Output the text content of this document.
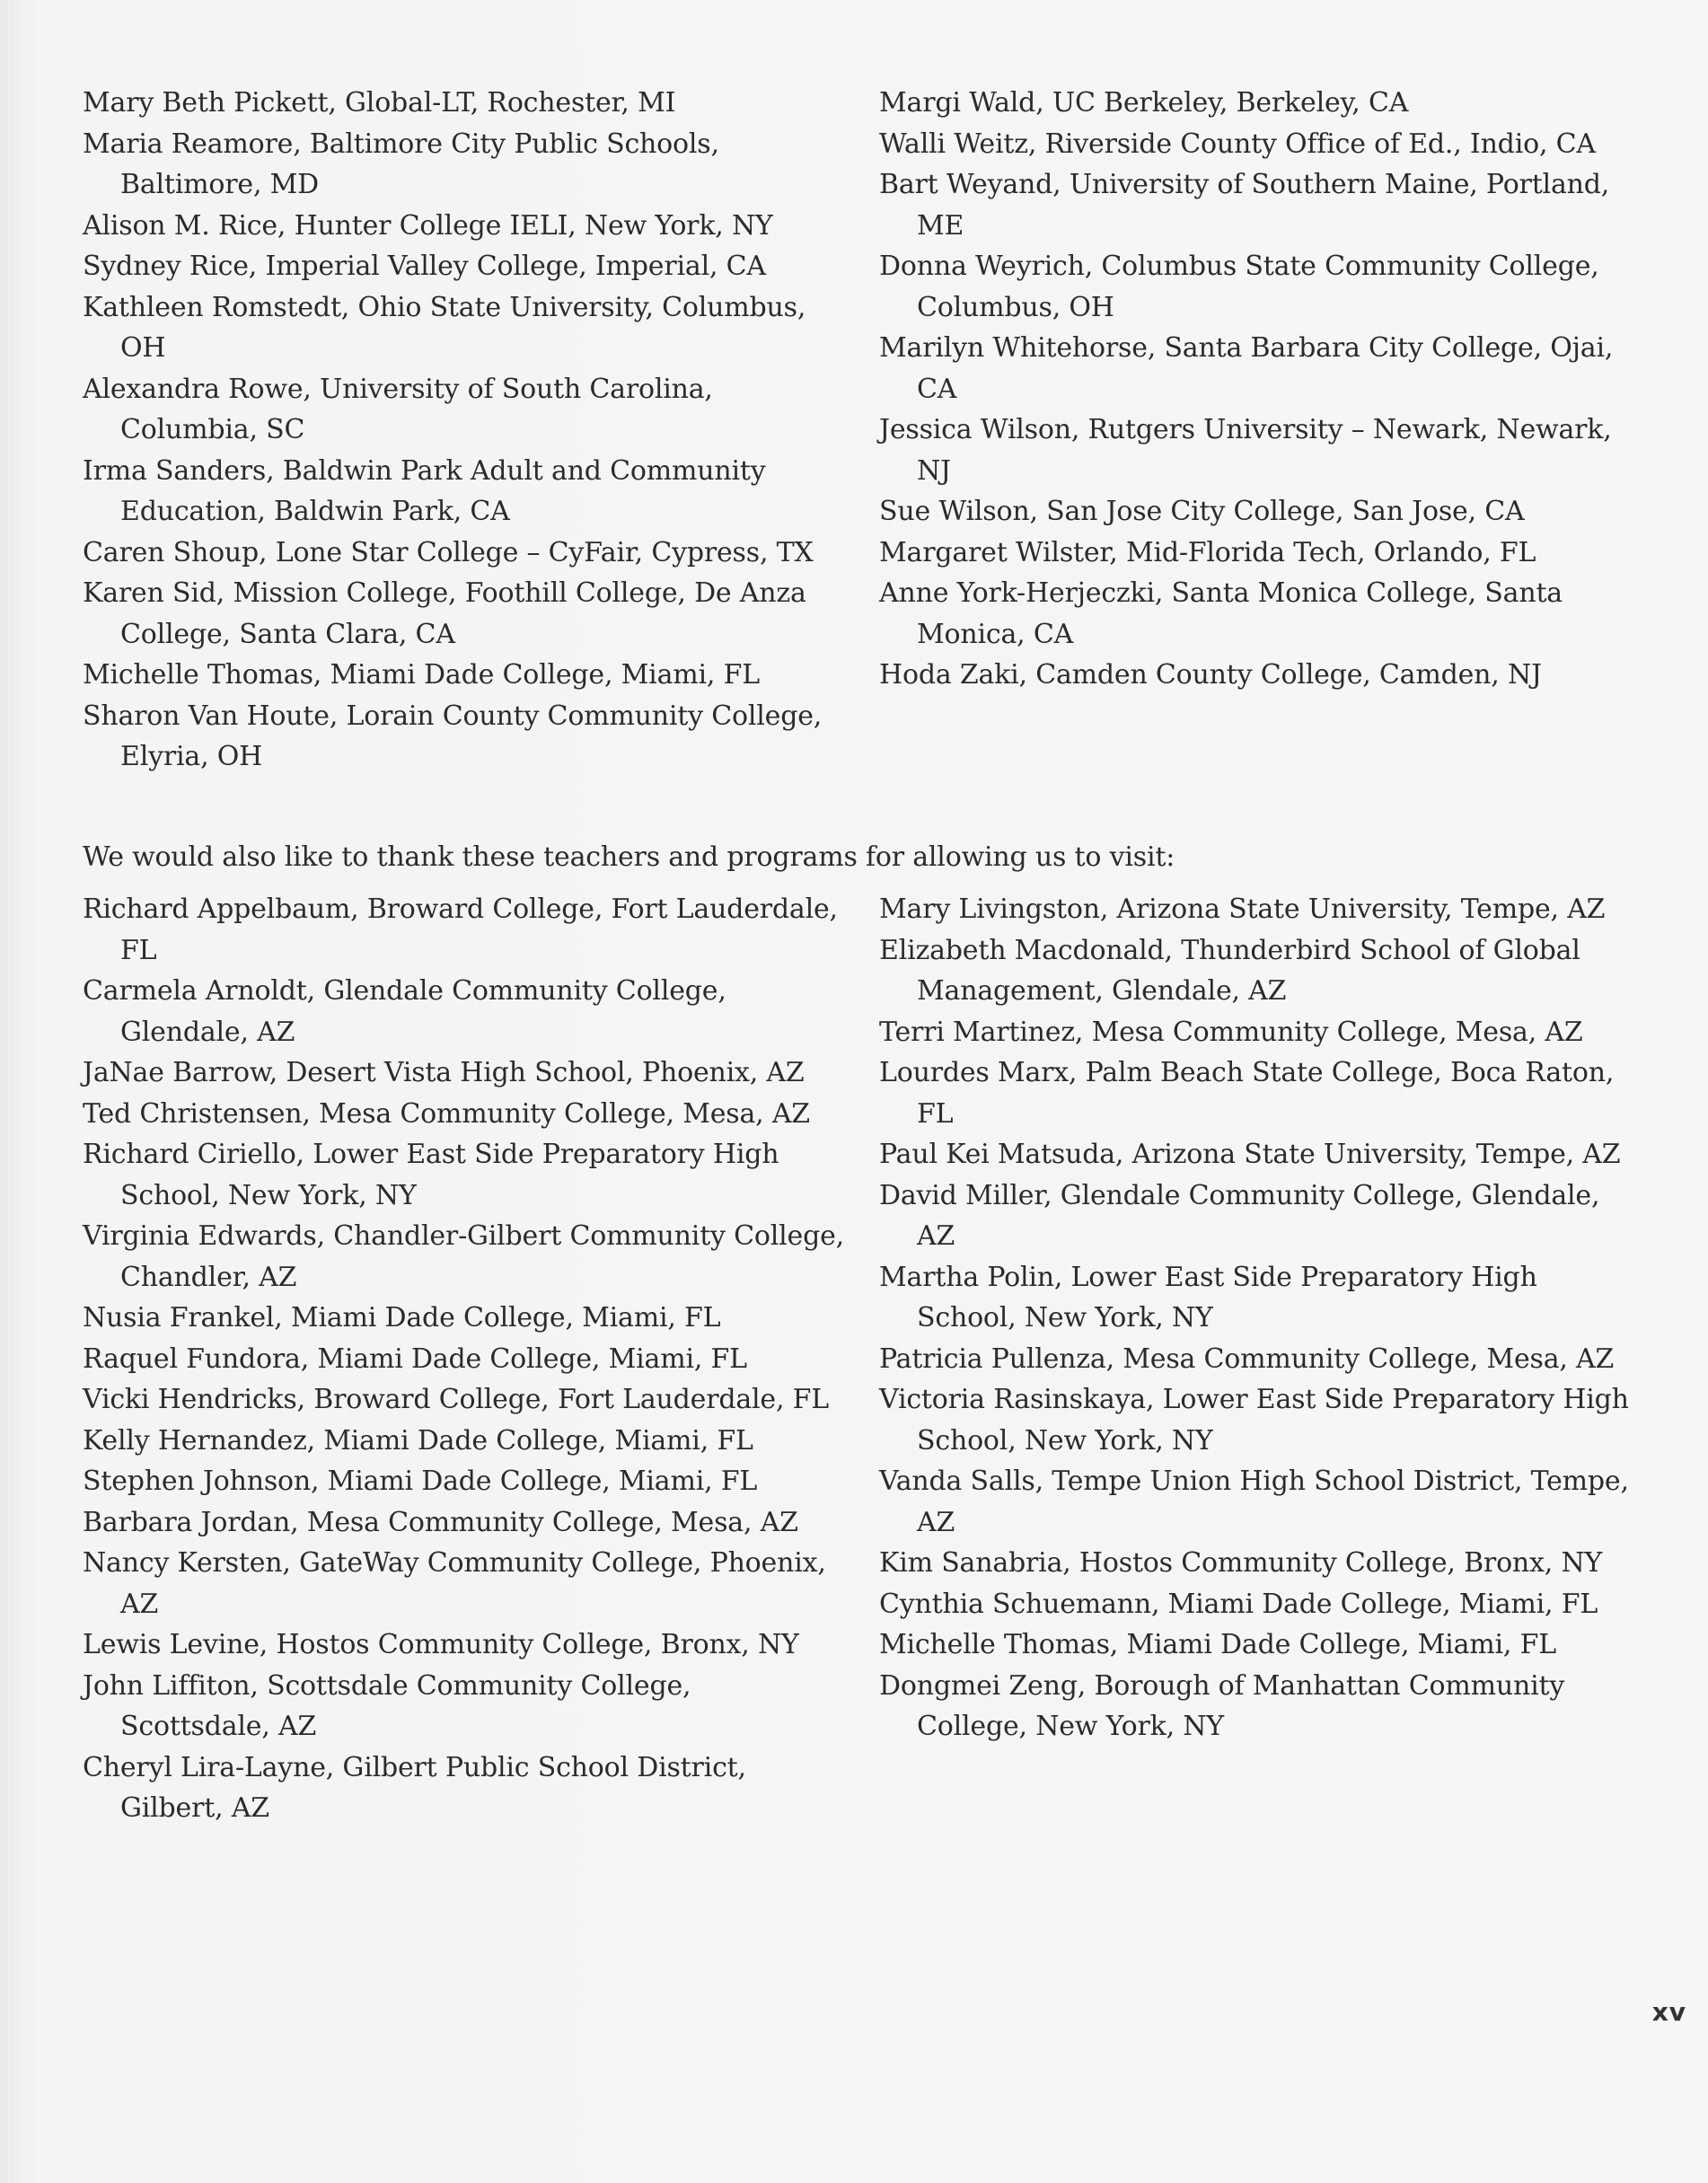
Mary Beth Pickett, Global-LT, Rochester, MI
Maria Reamore, Baltimore City Public Schools, Baltimore, MD
Alison M. Rice, Hunter College IELI, New York, NY
Sydney Rice, Imperial Valley College, Imperial, CA
Kathleen Romstedt, Ohio State University, Columbus, OH
Alexandra Rowe, University of South Carolina, Columbia, SC
Irma Sanders, Baldwin Park Adult and Community Education, Baldwin Park, CA
Caren Shoup, Lone Star College – CyFair, Cypress, TX
Karen Sid, Mission College, Foothill College, De Anza College, Santa Clara, CA
Michelle Thomas, Miami Dade College, Miami, FL
Sharon Van Houte, Lorain County Community College, Elyria, OH
Margi Wald, UC Berkeley, Berkeley, CA
Walli Weitz, Riverside County Office of Ed., Indio, CA
Bart Weyand, University of Southern Maine, Portland, ME
Donna Weyrich, Columbus State Community College, Columbus, OH
Marilyn Whitehorse, Santa Barbara City College, Ojai, CA
Jessica Wilson, Rutgers University – Newark, Newark, NJ
Sue Wilson, San Jose City College, San Jose, CA
Margaret Wilster, Mid-Florida Tech, Orlando, FL
Anne York-Herjeczki, Santa Monica College, Santa Monica, CA
Hoda Zaki, Camden County College, Camden, NJ
We would also like to thank these teachers and programs for allowing us to visit:
Richard Appelbaum, Broward College, Fort Lauderdale, FL
Carmela Arnoldt, Glendale Community College, Glendale, AZ
JaNae Barrow, Desert Vista High School, Phoenix, AZ
Ted Christensen, Mesa Community College, Mesa, AZ
Richard Ciriello, Lower East Side Preparatory High School, New York, NY
Virginia Edwards, Chandler-Gilbert Community College, Chandler, AZ
Nusia Frankel, Miami Dade College, Miami, FL
Raquel Fundora, Miami Dade College, Miami, FL
Vicki Hendricks, Broward College, Fort Lauderdale, FL
Kelly Hernandez, Miami Dade College, Miami, FL
Stephen Johnson, Miami Dade College, Miami, FL
Barbara Jordan, Mesa Community College, Mesa, AZ
Nancy Kersten, GateWay Community College, Phoenix, AZ
Lewis Levine, Hostos Community College, Bronx, NY
John Liffiton, Scottsdale Community College, Scottsdale, AZ
Cheryl Lira-Layne, Gilbert Public School District, Gilbert, AZ
Mary Livingston, Arizona State University, Tempe, AZ
Elizabeth Macdonald, Thunderbird School of Global Management, Glendale, AZ
Terri Martinez, Mesa Community College, Mesa, AZ
Lourdes Marx, Palm Beach State College, Boca Raton, FL
Paul Kei Matsuda, Arizona State University, Tempe, AZ
David Miller, Glendale Community College, Glendale, AZ
Martha Polin, Lower East Side Preparatory High School, New York, NY
Patricia Pullenza, Mesa Community College, Mesa, AZ
Victoria Rasinskaya, Lower East Side Preparatory High School, New York, NY
Vanda Salls, Tempe Union High School District, Tempe, AZ
Kim Sanabria, Hostos Community College, Bronx, NY
Cynthia Schuemann, Miami Dade College, Miami, FL
Michelle Thomas, Miami Dade College, Miami, FL
Dongmei Zeng, Borough of Manhattan Community College, New York, NY
xv
